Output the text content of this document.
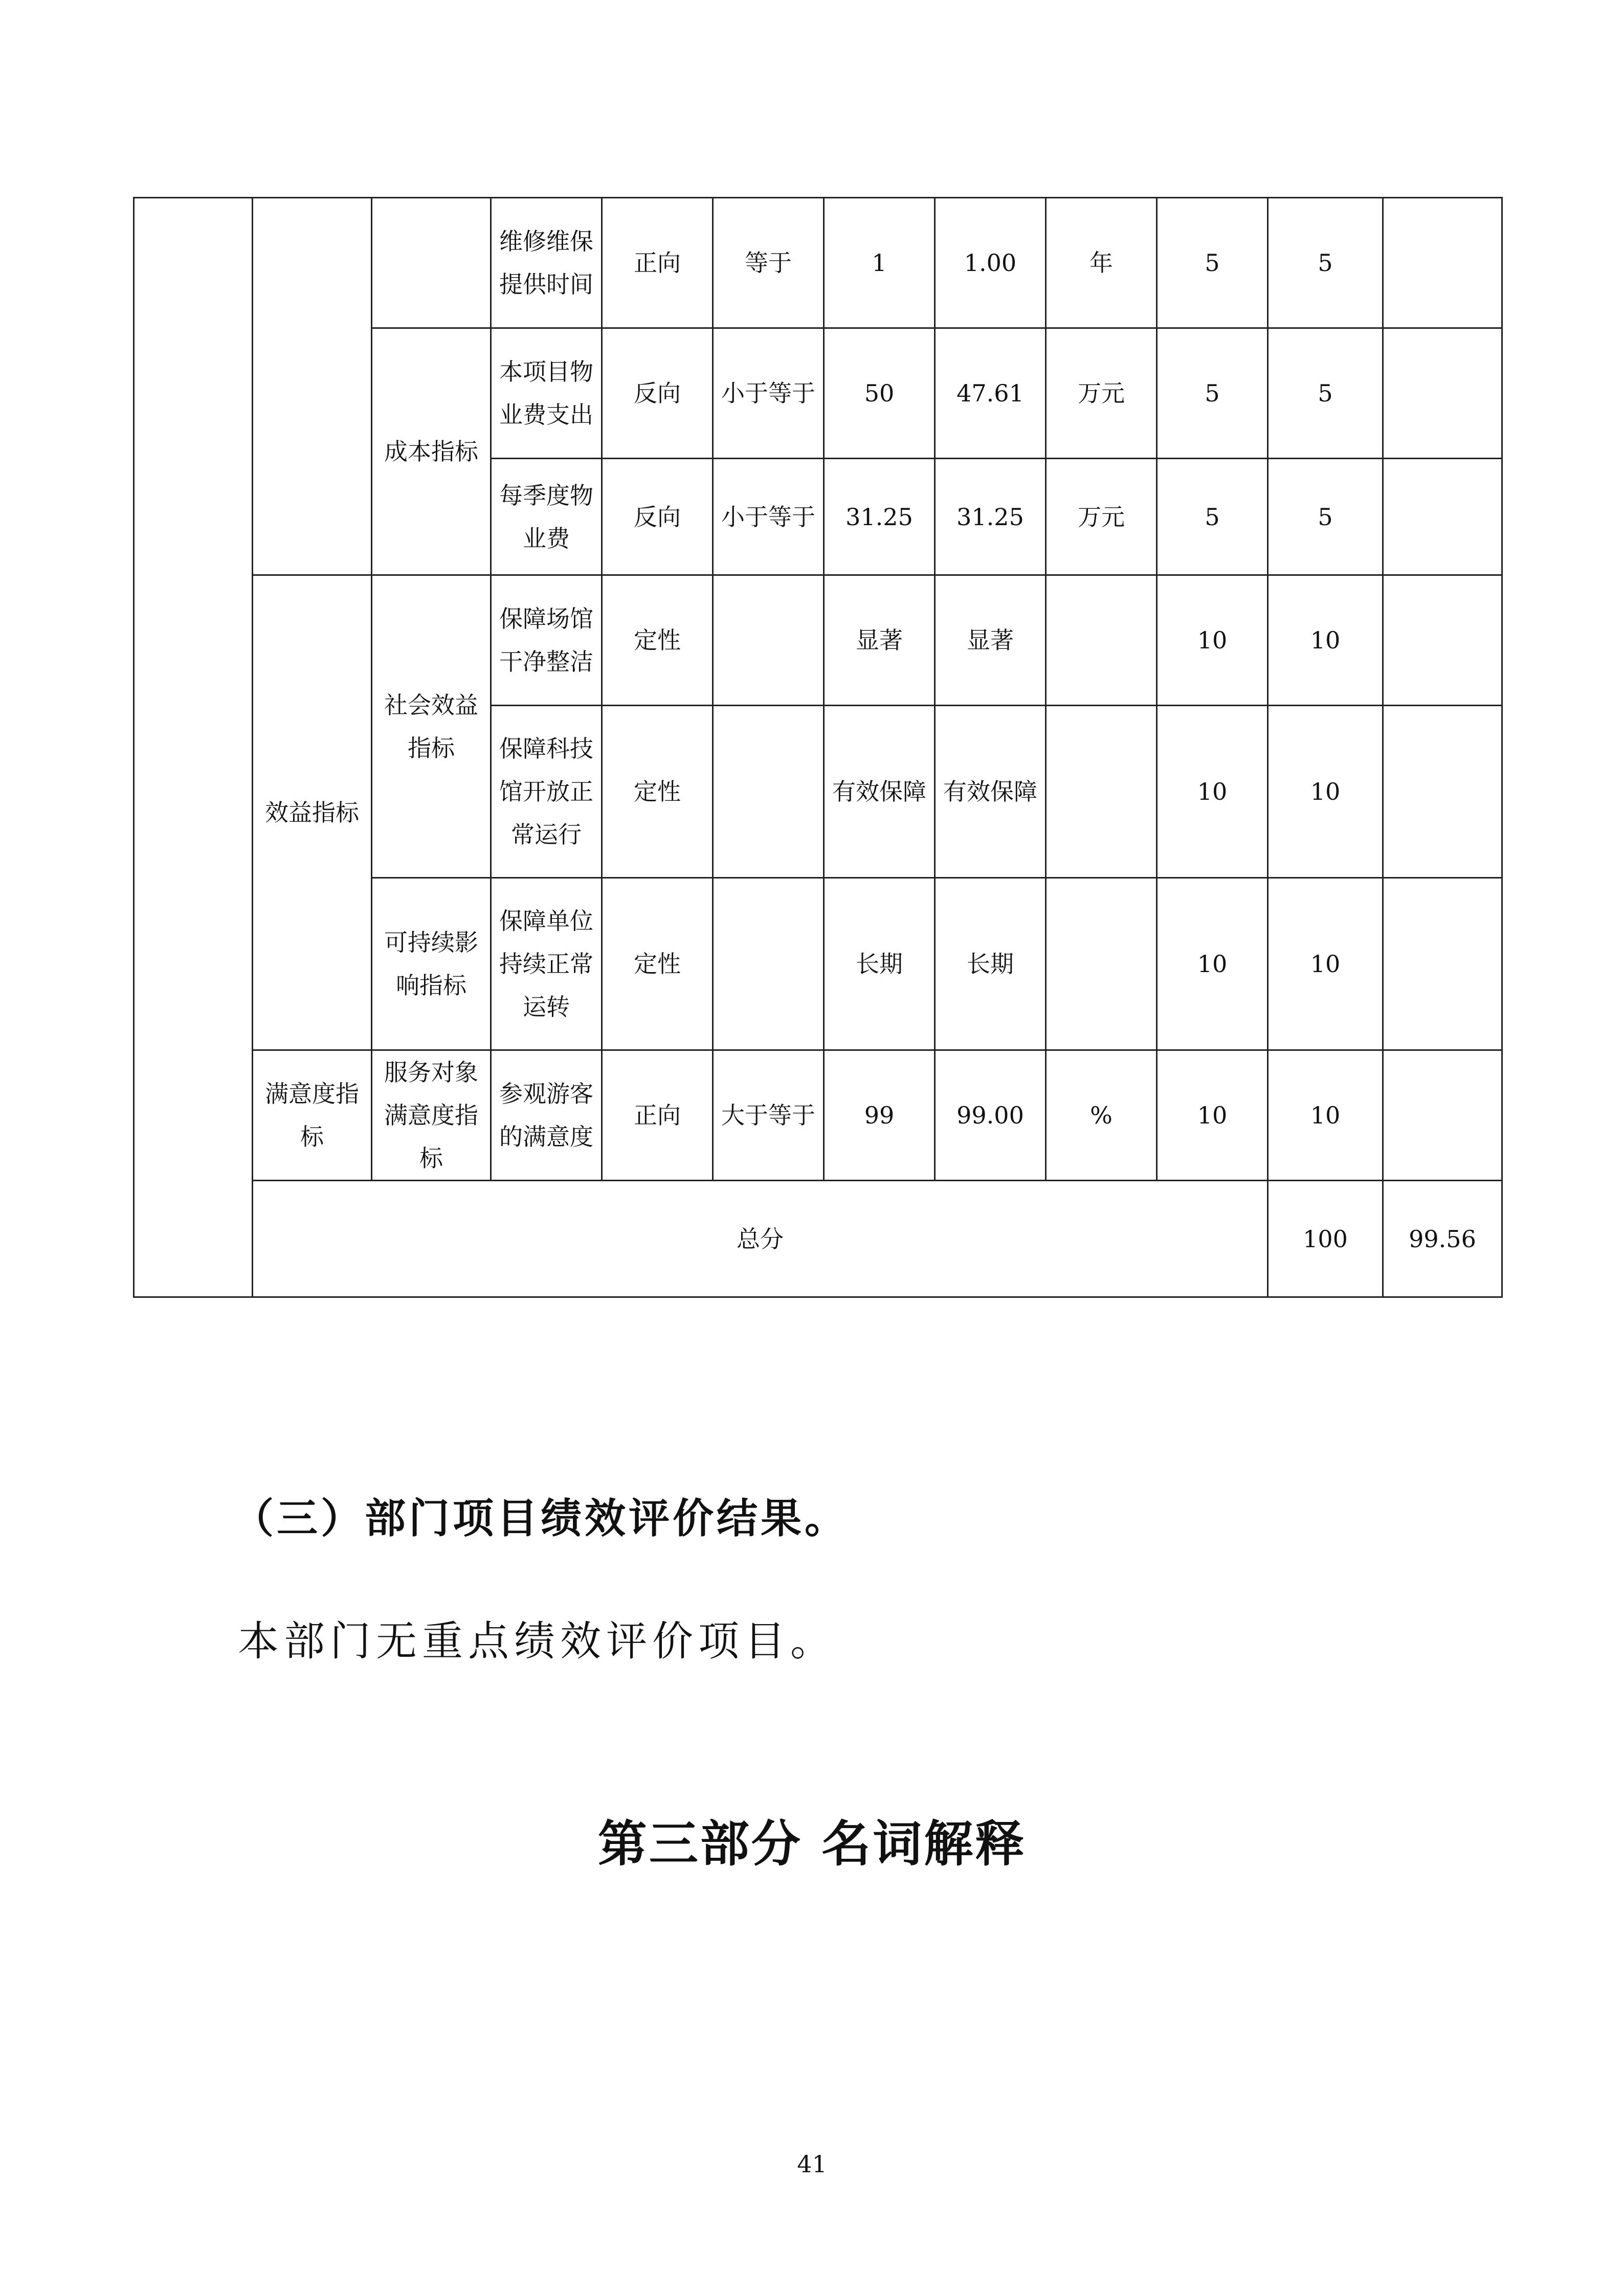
			维修维保提供时间	正向	等于	1	1.00	年	5	5		
		成本指标	本项目物业费支出	反向	小于等于	50	47.61	万元	5	5		
			每季度物业费	反向	小于等于	31.25	31.25	万元	5	5		
	效益指标	社会效益指标	保障场馆干净整洁	定性		显著	显著		10	10		
			保障科技馆开放正常运行	定性		有效保障	有效保障		10	10		
		可持续影响指标	保障单位持续正常运转	定性		长期	长期		10	10		
	满意度指标	服务对象满意度指标	参观游客的满意度	正向	大于等于	99	99.00	%	10	10		
	总分									100	99.56	
（三）部门项目绩效评价结果。
本部门无重点绩效评价项目。
第三部分 名词解释
41
